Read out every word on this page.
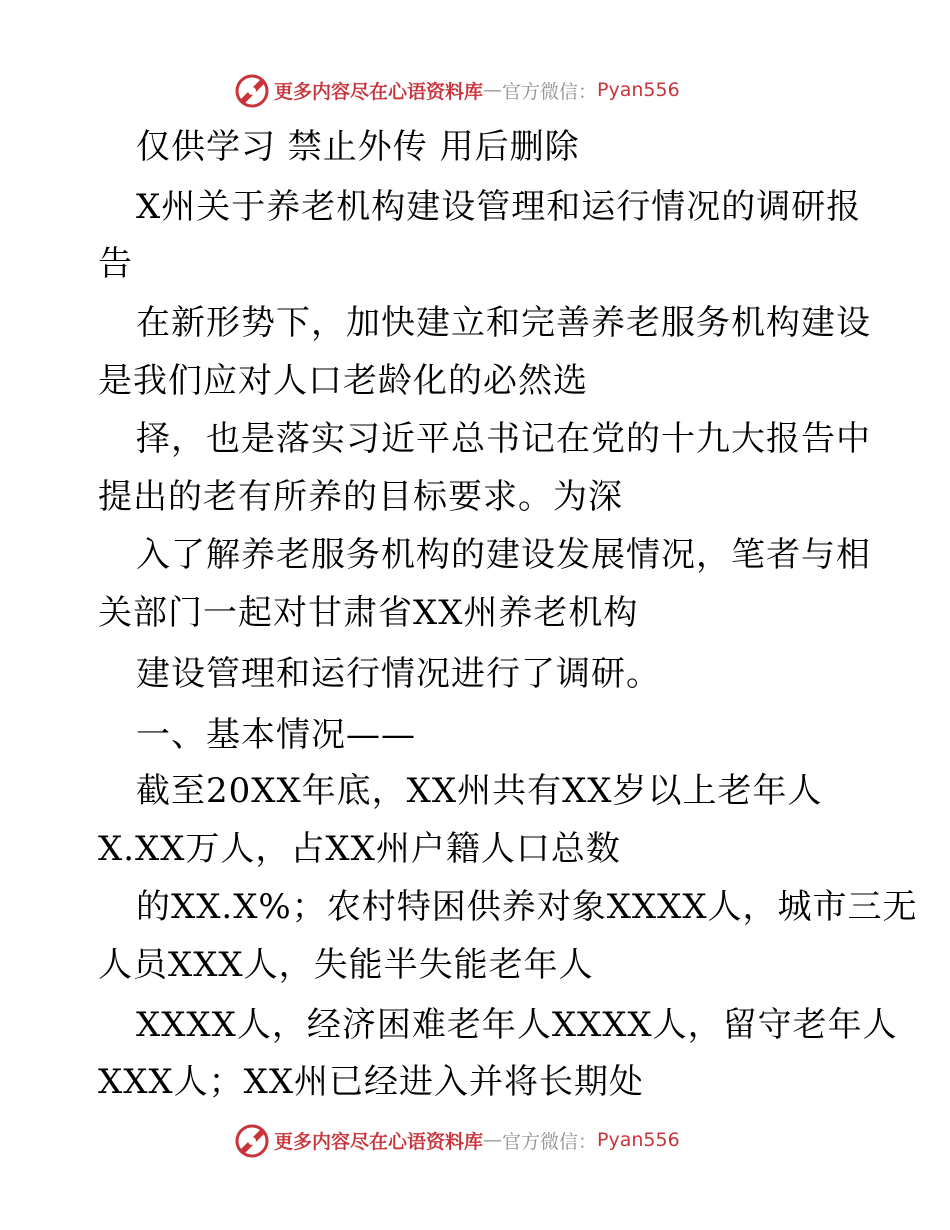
更多内容尽在心语资料库 — 官方微信： Pyan556
仅供学习 禁止外传 用后删除
X州关于养老机构建设管理和运行情况的调研报
告
在新形势下，加快建立和完善养老服务机构建设
是我们应对人口老龄化的必然选
择，也是落实习近平总书记在党的十九大报告中
提出的老有所养的目标要求。为深
入了解养老服务机构的建设发展情况，笔者与相
关部门一起对甘肃省XX州养老机构
建设管理和运行情况进行了调研。
一、基本情况——
截至20XX年底，XX州共有XX岁以上老年人
X.XX万人，占XX州户籍人口总数
的XX.X%；农村特困供养对象XXXX人，城市三无
人员XXX人，失能半失能老年人
XXXX人，经济困难老年人XXXX人，留守老年人
XXX人；XX州已经进入并将长期处
更多内容尽在心语资料库 — 官方微信： Pyan556
